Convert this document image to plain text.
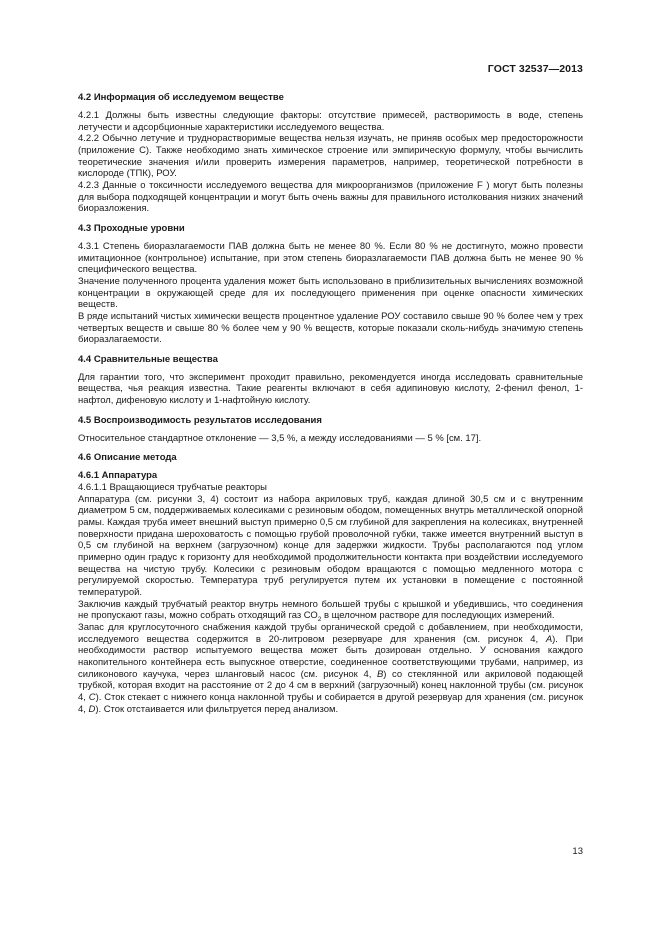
ГОСТ 32537—2013
4.2 Информация об исследуемом веществе

4.2.1 Должны быть известны следующие факторы: отсутствие примесей, растворимость в воде, степень летучести и адсорбционные характеристики исследуемого вещества.

4.2.2 Обычно летучие и труднорастворимые вещества нельзя изучать, не приняв особых мер предосторожности (приложение С). Также необходимо знать химическое строение или эмпирическую формулу, чтобы вычислить теоретические значения и/или проверить измерения параметров, например, теоретической потребности в кислороде (ТПК), РОУ.

4.2.3 Данные о токсичности исследуемого вещества для микроорганизмов (приложение F ) могут быть полезны для выбора подходящей концентрации и могут быть очень важны для правильного истолкования низких значений биоразложения.

4.3 Проходные уровни

4.3.1 Степень биоразлагаемости ПАВ должна быть не менее 80 %. Если 80 % не достигнуто, можно провести имитационное (контрольное) испытание, при этом степень биоразлагаемости ПАВ должна быть не менее 90 % специфического вещества.

Значение полученного процента удаления может быть использовано в приблизительных вычислениях возможной концентрации в окружающей среде для их последующего применения при оценке опасности химических веществ.

В ряде испытаний чистых химически веществ процентное удаление РОУ составило свыше 90 % более чем у трех четвертых веществ и свыше 80 % более чем у 90 % веществ, которые показали сколь-нибудь значимую степень биоразлагаемости.

4.4 Сравнительные вещества

Для гарантии того, что эксперимент проходит правильно, рекомендуется иногда исследовать сравнительные вещества, чья реакция известна. Такие реагенты включают в себя адипиновую кислоту, 2-фенил фенол, 1-нафтол, дифеновую кислоту и 1-нафтойную кислоту.

4.5 Воспроизводимость результатов исследования

Относительное стандартное отклонение — 3,5 %, а между исследованиями — 5 % [см. 17].

4.6 Описание метода

4.6.1 Аппаратура

4.6.1.1 Вращающиеся трубчатые реакторы

Аппаратура (см. рисунки 3, 4) состоит из набора акриловых труб, каждая длиной 30,5 см и с внутренним диаметром 5 см, поддерживаемых колесиками с резиновым ободом, помещенных внутрь металлической опорной рамы. Каждая труба имеет внешний выступ примерно 0,5 см глубиной для закрепления на колесиках, внутренней поверхности придана шероховатость с помощью грубой проволочной губки, также имеется внутренний выступ в 0,5 см глубиной на верхнем (загрузочном) конце для задержки жидкости. Трубы располагаются под углом примерно один градус к горизонту для необходимой продолжительности контакта при воздействии исследуемого вещества на чистую трубу. Колесики с резиновым ободом вращаются с помощью медленного мотора с регулируемой скоростью. Температура труб регулируется путем их установки в помещение с постоянной температурой.

Заключив каждый трубчатый реактор внутрь немного большей трубы с крышкой и убедившись, что соединения не пропускают газы, можно собрать отходящий газ $СО_2$ в щелочном растворе для последующих измерений.

Запас для круглосуточного снабжения каждой трубы органической средой с добавлением, при необходимости, исследуемого вещества содержится в 20-литровом резервуаре для хранения (см. рисунок 4, А). При необходимости раствор испытуемого вещества может быть дозирован отдельно. У основания каждого накопительного контейнера есть выпускное отверстие, соединенное соответствующими трубами, например, из силиконового каучука, через шланговый насос (см. рисунок 4, В) со стеклянной или акриловой подающей трубкой, которая входит на расстояние от 2 до 4 см в верхний (загрузочный) конец наклонной трубы (см. рисунок 4, С). Сток стекает с нижнего конца наклонной трубы и собирается в другой резервуар для хранения (см. рисунок 4, D). Сток отстаивается или фильтруется перед анализом.

13
